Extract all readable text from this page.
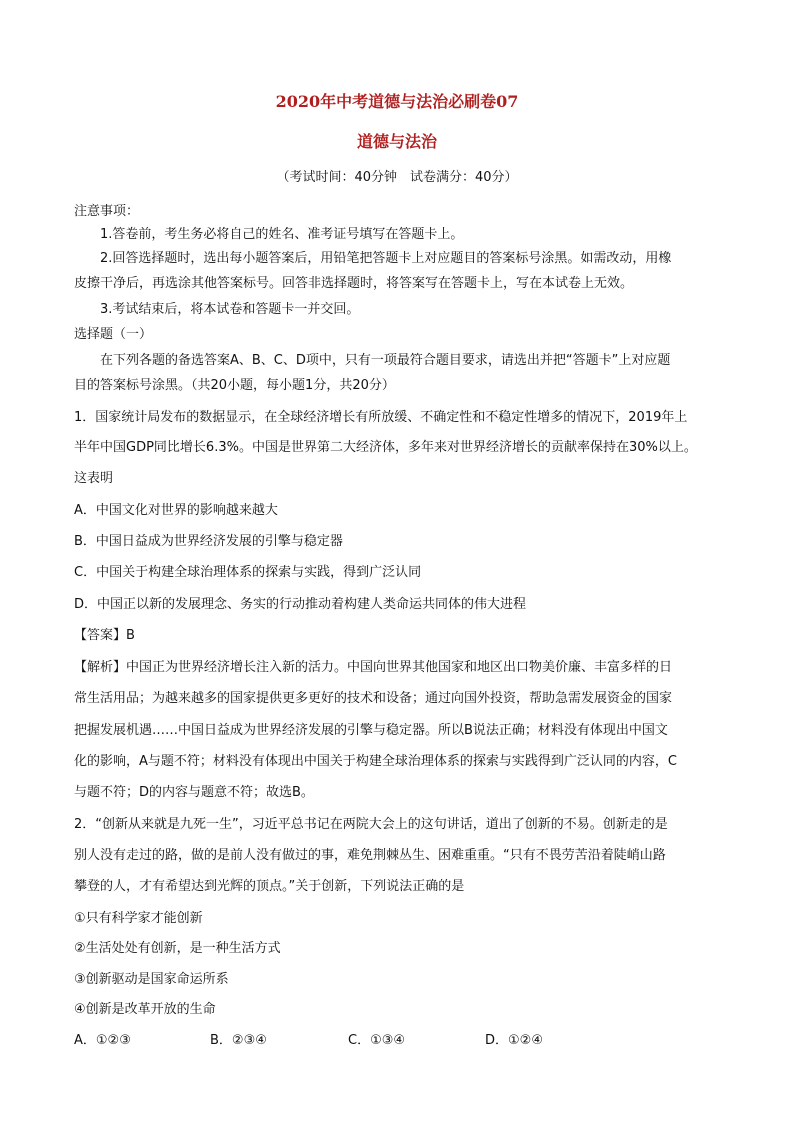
2020年中考道德与法治必刷卷07
道德与法治
（考试时间：40分钟　试卷满分：40分）
注意事项：
1.答卷前，考生务必将自己的姓名、准考证号填写在答题卡上。
2.回答选择题时，选出每小题答案后，用铅笔把答题卡上对应题目的答案标号涂黑。如需改动，用橡
皮擦干净后，再选涂其他答案标号。回答非选择题时，将答案写在答题卡上，写在本试卷上无效。
3.考试结束后，将本试卷和答题卡一并交回。
选择题（一）
在下列各题的备选答案A、B、C、D项中，只有一项最符合题目要求，请选出并把“答题卡”上对应题
目的答案标号涂黑。（共20小题，每小题1分，共20分）
1．国家统计局发布的数据显示，在全球经济增长有所放缓、不确定性和不稳定性增多的情况下，2019年上
半年中国GDP同比增长6.3%。中国是世界第二大经济体，多年来对世界经济增长的贡献率保持在30%以上。
这表明
A．中国文化对世界的影响越来越大
B．中国日益成为世界经济发展的引擎与稳定器
C．中国关于构建全球治理体系的探索与实践，得到广泛认同
D．中国正以新的发展理念、务实的行动推动着构建人类命运共同体的伟大进程
【答案】B
【解析】中国正为世界经济增长注入新的活力。中国向世界其他国家和地区出口物美价廉、丰富多样的日
常生活用品；为越来越多的国家提供更多更好的技术和设备；通过向国外投资，帮助急需发展资金的国家
把握发展机遇……中国日益成为世界经济发展的引擎与稳定器。所以B说法正确；材料没有体现出中国文
化的影响，A与题不符；材料没有体现出中国关于构建全球治理体系的探索与实践得到广泛认同的内容，C
与题不符；D的内容与题意不符；故选B。
2．“创新从来就是九死一生”，习近平总书记在两院大会上的这句讲话，道出了创新的不易。创新走的是
别人没有走过的路，做的是前人没有做过的事，难免荆棘丛生、困难重重。“只有不畏劳苦沿着陡峭山路
攀登的人，才有希望达到光辉的顶点。”关于创新，下列说法正确的是
①只有科学家才能创新
②生活处处有创新，是一种生活方式
③创新驱动是国家命运所系
④创新是改革开放的生命
A．①②③	B．②③④	C．①③④	D．①②④
